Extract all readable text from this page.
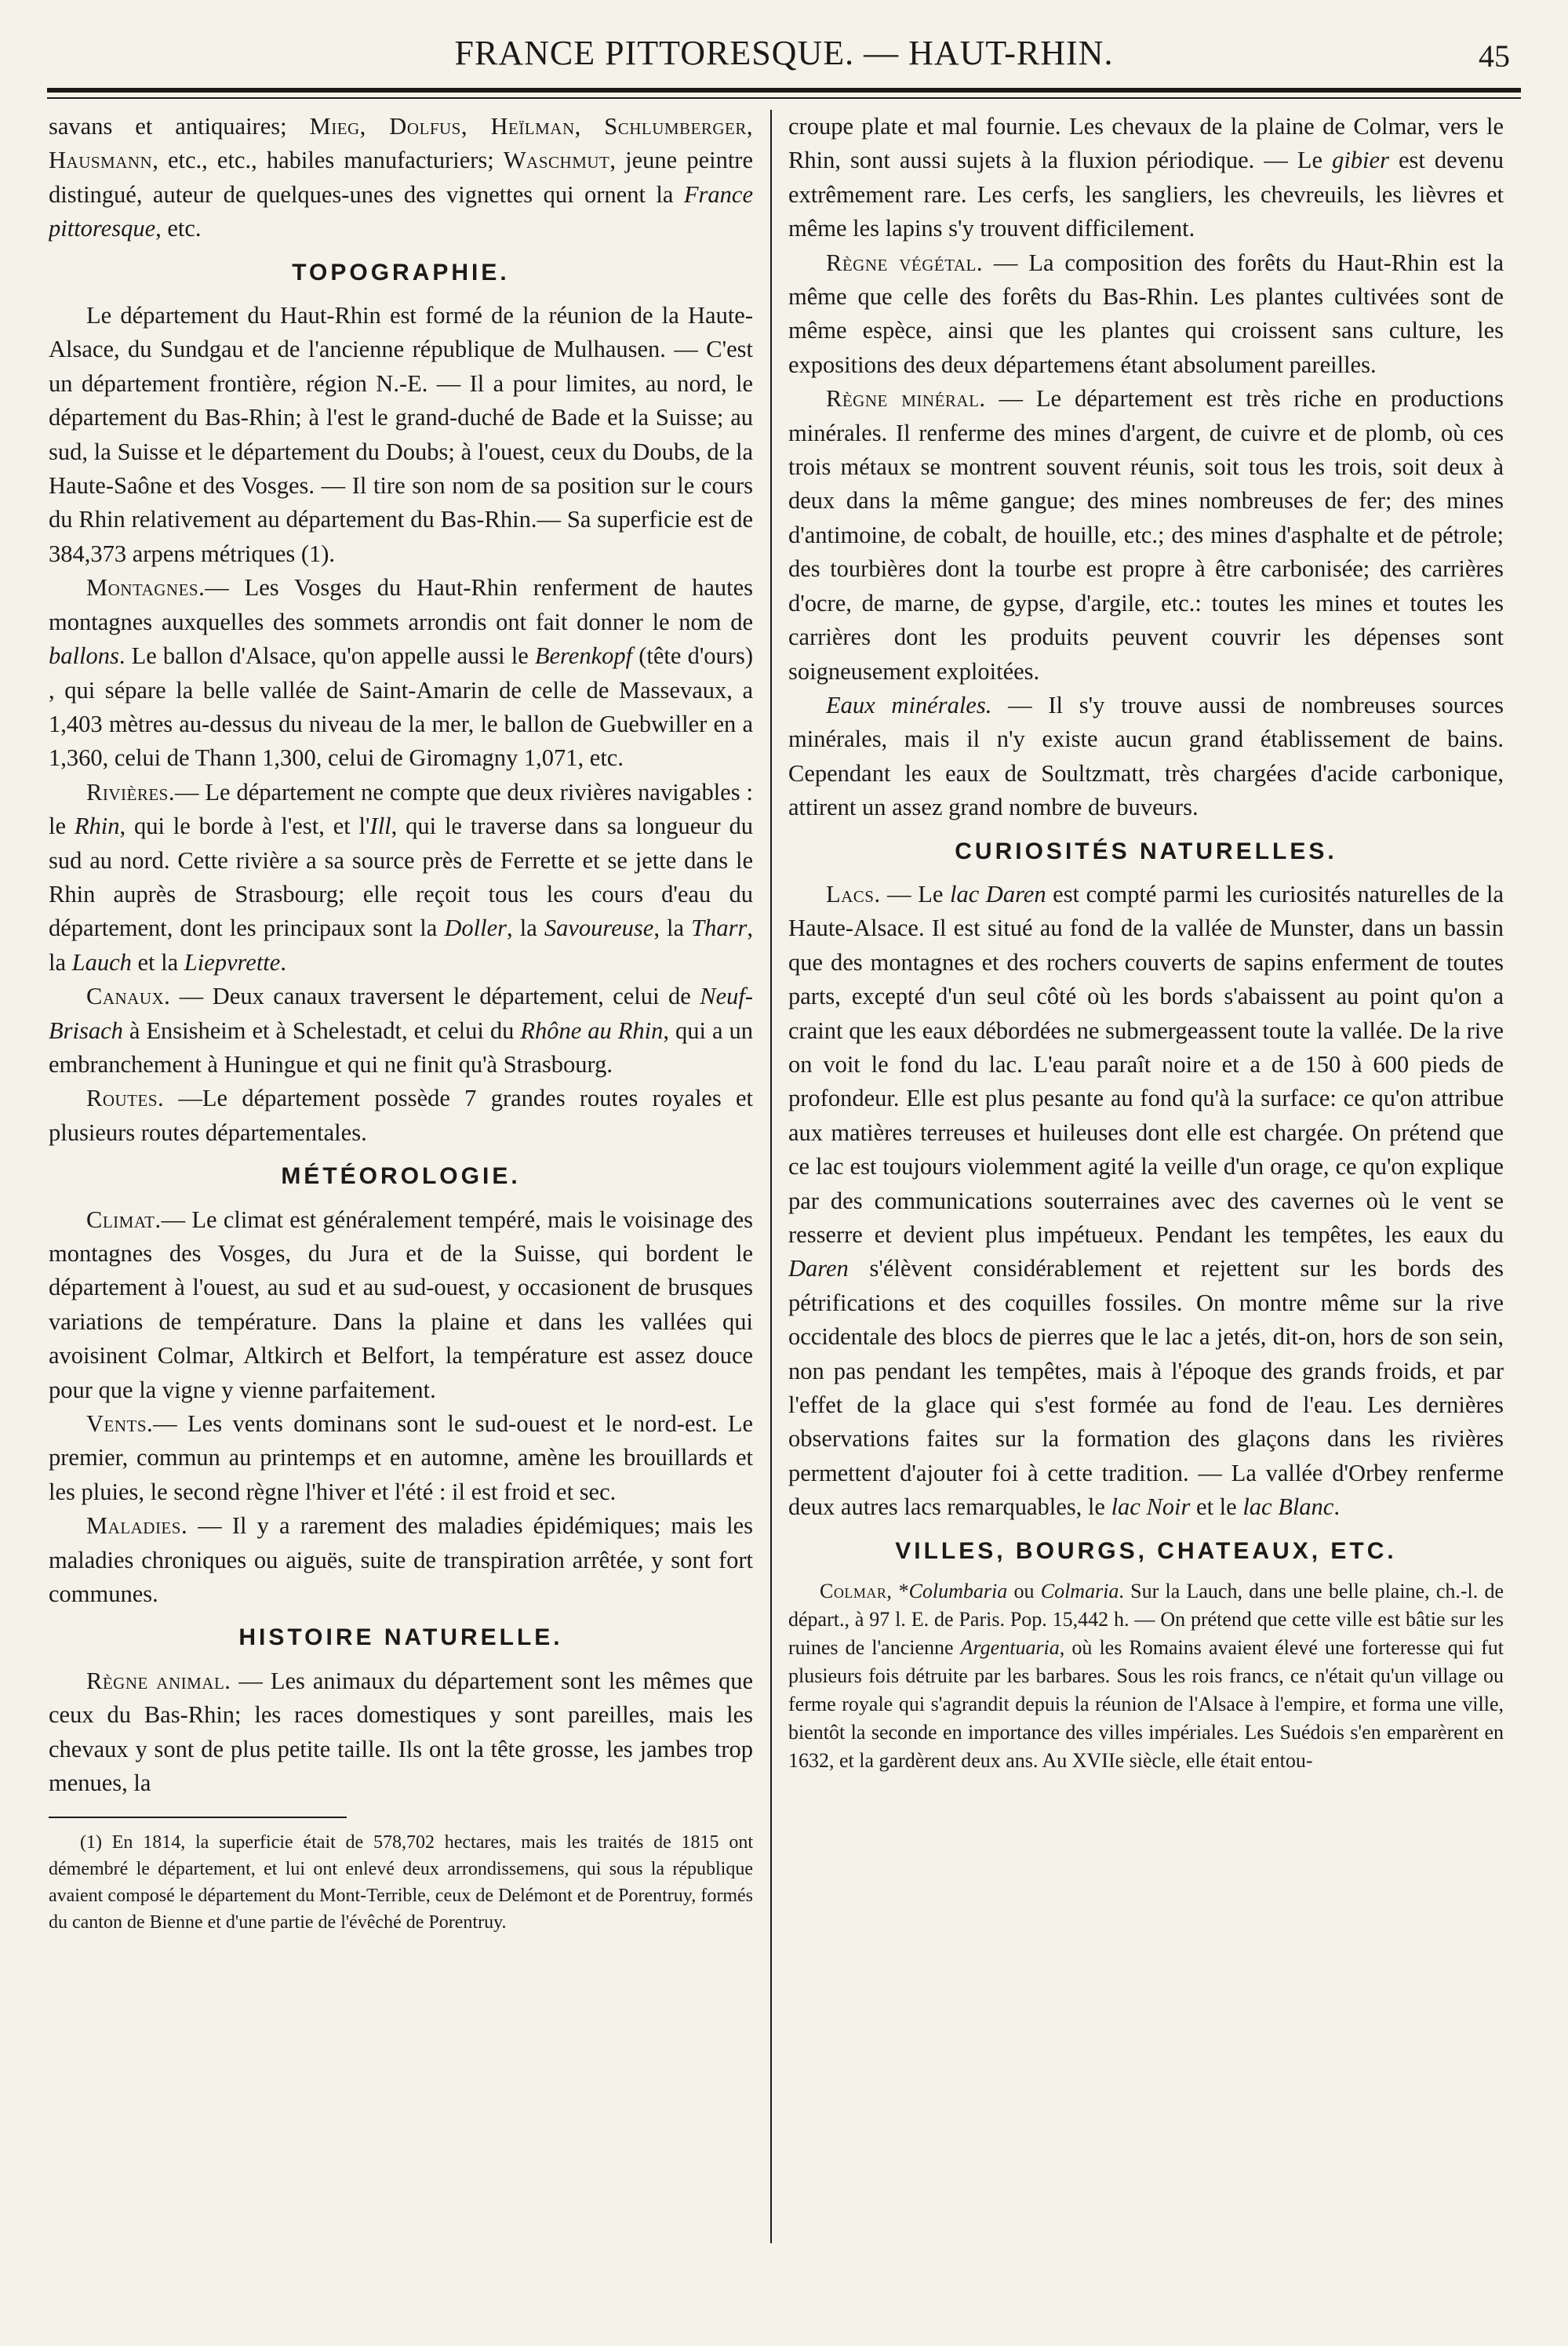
FRANCE PITTORESQUE. — HAUT-RHIN.	45

savans et antiquaires; Mieg, Dolfus, Heïlman, Schlumberger, Hausmann, etc., etc., habiles manufacturiers; Waschmut, jeune peintre distingué, auteur de quelques-unes des vignettes qui ornent la France pittoresque, etc.

TOPOGRAPHIE.

Le département du Haut-Rhin est formé de la réunion de la Haute-Alsace, du Sundgau et de l'ancienne république de Mulhausen. — C'est un département frontière, région N.-E. — Il a pour limites, au nord, le département du Bas-Rhin; à l'est le grand-duché de Bade et la Suisse; au sud, la Suisse et le département du Doubs; à l'ouest, ceux du Doubs, de la Haute-Saône et des Vosges. — Il tire son nom de sa position sur le cours du Rhin relativement au département du Bas-Rhin.— Sa superficie est de 384,373 arpens métriques (1).

Montagnes.— Les Vosges du Haut-Rhin renferment de hautes montagnes auxquelles des sommets arrondis ont fait donner le nom de ballons. Le ballon d'Alsace, qu'on appelle aussi le Berenkopf (tête d'ours) , qui sépare la belle vallée de Saint-Amarin de celle de Massevaux, a 1,403 mètres au-dessus du niveau de la mer, le ballon de Guebwiller en a 1,360, celui de Thann 1,300, celui de Giromagny 1,071, etc.

Rivières.— Le département ne compte que deux rivières navigables : le Rhin, qui le borde à l'est, et l'Ill, qui le traverse dans sa longueur du sud au nord. Cette rivière a sa source près de Ferrette et se jette dans le Rhin auprès de Strasbourg; elle reçoit tous les cours d'eau du département, dont les principaux sont la Doller, la Savoureuse, la Tharr, la Lauch et la Liepvrette.

Canaux. — Deux canaux traversent le département, celui de Neuf-Brisach à Ensisheim et à Schelestadt, et celui du Rhône au Rhin, qui a un embranchement à Huningue et qui ne finit qu'à Strasbourg.

Routes. —Le département possède 7 grandes routes royales et plusieurs routes départementales.

MÉTÉOROLOGIE.

Climat.— Le climat est généralement tempéré, mais le voisinage des montagnes des Vosges, du Jura et de la Suisse, qui bordent le département à l'ouest, au sud et au sud-ouest, y occasionent de brusques variations de température. Dans la plaine et dans les vallées qui avoisinent Colmar, Altkirch et Belfort, la température est assez douce pour que la vigne y vienne parfaitement.

Vents.— Les vents dominans sont le sud-ouest et le nord-est. Le premier, commun au printemps et en automne, amène les brouillards et les pluies, le second règne l'hiver et l'été : il est froid et sec.

Maladies. — Il y a rarement des maladies épidémiques; mais les maladies chroniques ou aiguës, suite de transpiration arrêtée, y sont fort communes.

HISTOIRE NATURELLE.

Règne animal. — Les animaux du département sont les mêmes que ceux du Bas-Rhin; les races domestiques y sont pareilles, mais les chevaux y sont de plus petite taille. Ils ont la tête grosse, les jambes trop menues, la

(1) En 1814, la superficie était de 578,702 hectares, mais les traités de 1815 ont démembré le département, et lui ont enlevé deux arrondissemens, qui sous la république avaient composé le département du Mont-Terrible, ceux de Delémont et de Porentruy, formés du canton de Bienne et d'une partie de l'évêché de Porentruy.

croupe plate et mal fournie. Les chevaux de la plaine de Colmar, vers le Rhin, sont aussi sujets à la fluxion périodique. — Le gibier est devenu extrêmement rare. Les cerfs, les sangliers, les chevreuils, les lièvres et même les lapins s'y trouvent difficilement.

Règne végétal. — La composition des forêts du Haut-Rhin est la même que celle des forêts du Bas-Rhin. Les plantes cultivées sont de même espèce, ainsi que les plantes qui croissent sans culture, les expositions des deux départemens étant absolument pareilles.

Règne minéral. — Le département est très riche en productions minérales. Il renferme des mines d'argent, de cuivre et de plomb, où ces trois métaux se montrent souvent réunis, soit tous les trois, soit deux à deux dans la même gangue; des mines nombreuses de fer; des mines d'antimoine, de cobalt, de houille, etc.; des mines d'asphalte et de pétrole; des tourbières dont la tourbe est propre à être carbonisée; des carrières d'ocre, de marne, de gypse, d'argile, etc.: toutes les mines et toutes les carrières dont les produits peuvent couvrir les dépenses sont soigneusement exploitées.

Eaux minérales. — Il s'y trouve aussi de nombreuses sources minérales, mais il n'y existe aucun grand établissement de bains. Cependant les eaux de Soultzmatt, très chargées d'acide carbonique, attirent un assez grand nombre de buveurs.

CURIOSITÉS NATURELLES.

Lacs. — Le lac Daren est compté parmi les curiosités naturelles de la Haute-Alsace. Il est situé au fond de la vallée de Munster, dans un bassin que des montagnes et des rochers couverts de sapins enferment de toutes parts, excepté d'un seul côté où les bords s'abaissent au point qu'on a craint que les eaux débordées ne submergeassent toute la vallée. De la rive on voit le fond du lac. L'eau paraît noire et a de 150 à 600 pieds de profondeur. Elle est plus pesante au fond qu'à la surface: ce qu'on attribue aux matières terreuses et huileuses dont elle est chargée. On prétend que ce lac est toujours violemment agité la veille d'un orage, ce qu'on explique par des communications souterraines avec des cavernes où le vent se resserre et devient plus impétueux. Pendant les tempêtes, les eaux du Daren s'élèvent considérablement et rejettent sur les bords des pétrifications et des coquilles fossiles. On montre même sur la rive occidentale des blocs de pierres que le lac a jetés, dit-on, hors de son sein, non pas pendant les tempêtes, mais à l'époque des grands froids, et par l'effet de la glace qui s'est formée au fond de l'eau. Les dernières observations faites sur la formation des glaçons dans les rivières permettent d'ajouter foi à cette tradition. — La vallée d'Orbey renferme deux autres lacs remarquables, le lac Noir et le lac Blanc.

VILLES, BOURGS, CHATEAUX, ETC.

Colmar, *Columbaria ou Colmaria. Sur la Lauch, dans une belle plaine, ch.-l. de départ., à 97 l. E. de Paris. Pop. 15,442 h. — On prétend que cette ville est bâtie sur les ruines de l'ancienne Argentuaria, où les Romains avaient élevé une forteresse qui fut plusieurs fois détruite par les barbares. Sous les rois francs, ce n'était qu'un village ou ferme royale qui s'agrandit depuis la réunion de l'Alsace à l'empire, et forma une ville, bientôt la seconde en importance des villes impériales. Les Suédois s'en emparèrent en 1632, et la gardèrent deux ans. Au XVIIe siècle, elle était entou-
